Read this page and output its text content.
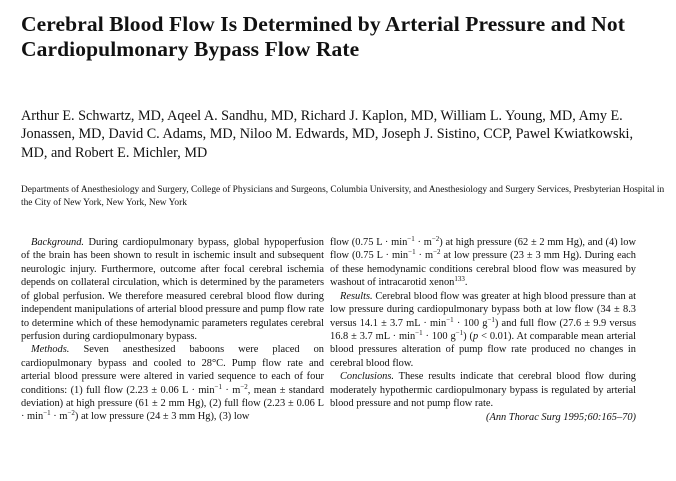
Cerebral Blood Flow Is Determined by Arterial Pressure and Not Cardiopulmonary Bypass Flow Rate
Arthur E. Schwartz, MD, Aqeel A. Sandhu, MD, Richard J. Kaplon, MD, William L. Young, MD, Amy E. Jonassen, MD, David C. Adams, MD, Niloo M. Edwards, MD, Joseph J. Sistino, CCP, Pawel Kwiatkowski, MD, and Robert E. Michler, MD
Departments of Anesthesiology and Surgery, College of Physicians and Surgeons, Columbia University, and Anesthesiology and Surgery Services, Presbyterian Hospital in the City of New York, New York, New York

Background. During cardiopulmonary bypass, global hypoperfusion of the brain has been shown to result in ischemic insult and subsequent neurologic injury. Furthermore, outcome after focal cerebral ischemia depends on collateral circulation, which is determined by the parameters of global perfusion. We therefore measured cerebral blood flow during independent manipulations of arterial blood pressure and pump flow rate to determine which of these hemodynamic parameters regulates cerebral perfusion during cardiopulmonary bypass.

Methods. Seven anesthesized baboons were placed on cardiopulmonary bypass and cooled to 28°C. Pump flow rate and arterial blood pressure were altered in varied sequence to each of four conditions: (1) full flow (2.23 ± 0.06 $L \cdot \min^{-1} \cdot m^{-2}$, mean ± standard deviation) at high pressure (61 ± 2 mm Hg), (2) full flow (2.23 ± 0.06 $L \cdot \min^{-1} \cdot m^{-2}$) at low pressure (24 ± 3 mm Hg), (3) low

flow (0.75 $L \cdot \min^{-1} \cdot m^{-2}$) at high pressure (62 ± 2 mm Hg), and (4) low flow (0.75 $L \cdot \min^{-1} \cdot m^{-2}$ at low pressure (23 ± 3 mm Hg). During each of these hemodynamic conditions cerebral blood flow was measured by washout of intracarotid xenon$^{133}$.

Results. Cerebral blood flow was greater at high blood pressure than at low pressure during cardiopulmonary bypass both at low flow (34 ± 8.3 versus 14.1 ± 3.7 mL · $\min^{-1} \cdot 100$ $g^{-1}$) and full flow (27.6 ± 9.9 versus 16.8 ± 3.7 mL · $\min^{-1} \cdot 100$ $g^{-1}$) (p < 0.01). At comparable mean arterial blood pressures alteration of pump flow rate produced no changes in cerebral blood flow.

Conclusions. These results indicate that cerebral blood flow during moderately hypothermic cardiopulmonary bypass is regulated by arterial blood pressure and not pump flow rate.

(Ann Thorac Surg 1995;60:165–70)
